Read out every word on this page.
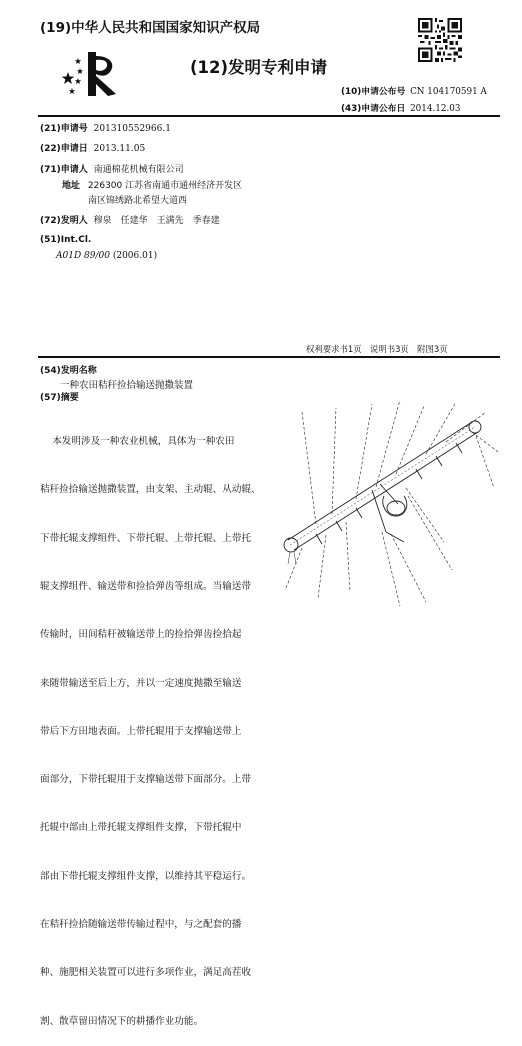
(19)中华人民共和国国家知识产权局
(12)发明专利申请
(10)申请公布号 CN 104170591 A
(43)申请公布日 2014.12.03
(21)申请号 201310552966.1
(22)申请日 2013.11.05
(71)申请人 南通棉花机械有限公司
地址 226300 江苏省南通市通州经济开发区
南区锦绣路北希望大道西
(72)发明人 穆泉　任建华　王满先　季春建
(51)Int.Cl.
A01D 89/00 (2006.01)
权利要求书1页　说明书3页　附图3页
(54)发明名称
一种农田秸秆捡拾输送抛撒装置
(57)摘要

本发明涉及一种农业机械，具体为一种农田

秸秆捡拾输送抛撒装置，由支架、主动辊、从动辊、

下带托辊支撑组件、下带托辊、上带托辊、上带托

辊支撑组件、输送带和捡拾弹齿等组成。当输送带

传输时，田间秸秆被输送带上的捡拾弹齿捡拾起

来随带输送至后上方，并以一定速度抛撒至输送

带后下方田地表面。上带托辊用于支撑输送带上

面部分，下带托辊用于支撑输送带下面部分。上带

托辊中部由上带托辊支撑组件支撑，下带托辊中

部由下带托辊支撑组件支撑，以维持其平稳运行。

在秸秆捡拾随输送带传输过程中，与之配套的播

种、施肥相关装置可以进行多项作业，满足高茬收

割、散草留田情况下的耕播作业功能。
